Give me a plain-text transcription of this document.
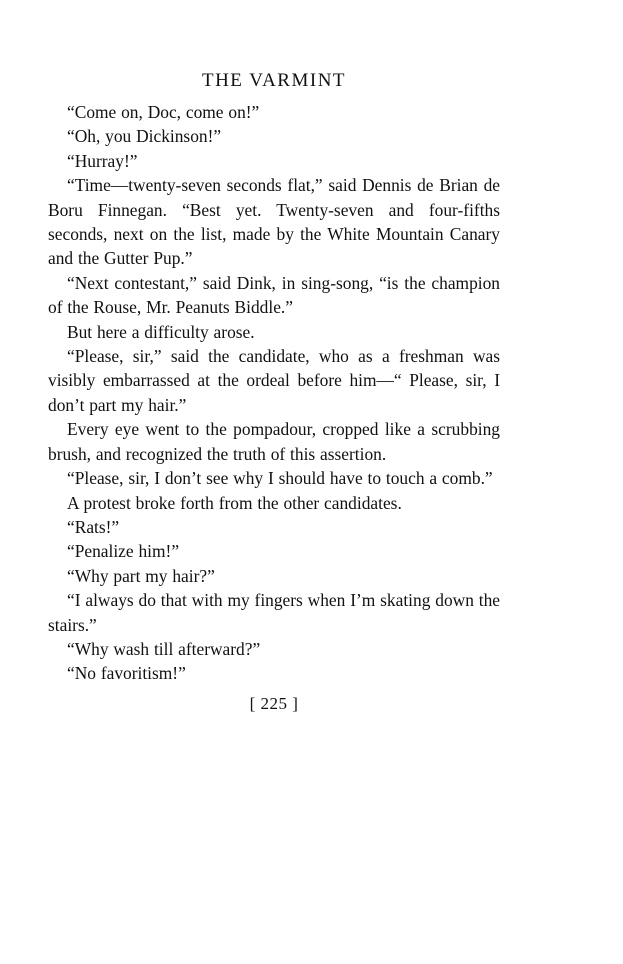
THE VARMINT

“Come on, Doc, come on!”

“Oh, you Dickinson!”

“Hurray!”

“Time—twenty-seven seconds flat,” said Dennis de Brian de Boru Finnegan. “Best yet. Twenty-seven and four-fifths seconds, next on the list, made by the White Mountain Canary and the Gutter Pup.”

“Next contestant,” said Dink, in sing-song, “is the champion of the Rouse, Mr. Peanuts Biddle.”

But here a difficulty arose.

“Please, sir,” said the candidate, who as a freshman was visibly embarrassed at the ordeal before him—“ Please, sir, I don’t part my hair.”

Every eye went to the pompadour, cropped like a scrubbing brush, and recognized the truth of this assertion.

“Please, sir, I don’t see why I should have to touch a comb.”

A protest broke forth from the other candidates.

“Rats!”

“Penalize him!”

“Why part my hair?”

“I always do that with my fingers when I’m skating down the stairs.”

“Why wash till afterward?”

“No favoritism!”

[ 225 ]
